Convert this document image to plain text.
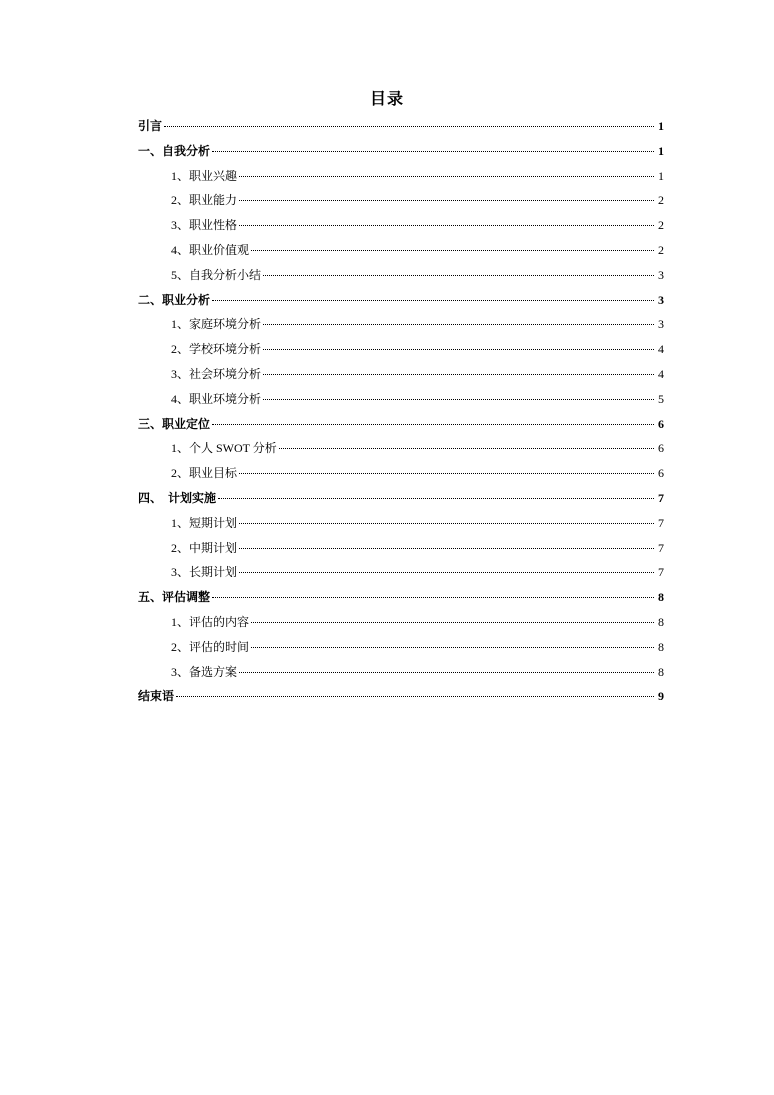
目录
引言	1
一、自我分析	1
1、职业兴趣	1
2、职业能力	2
3、职业性格	2
4、职业价值观	2
5、自我分析小结	3
二、职业分析	3
1、家庭环境分析	3
2、学校环境分析	4
3、社会环境分析	4
4、职业环境分析	5
三、职业定位	6
1、个人 SWOT 分析	6
2、职业目标	6
四、  计划实施	7
1、短期计划	7
2、中期计划	7
3、长期计划	7
五、评估调整	8
1、评估的内容	8
2、评估的时间	8
3、备选方案	8
结束语	9
